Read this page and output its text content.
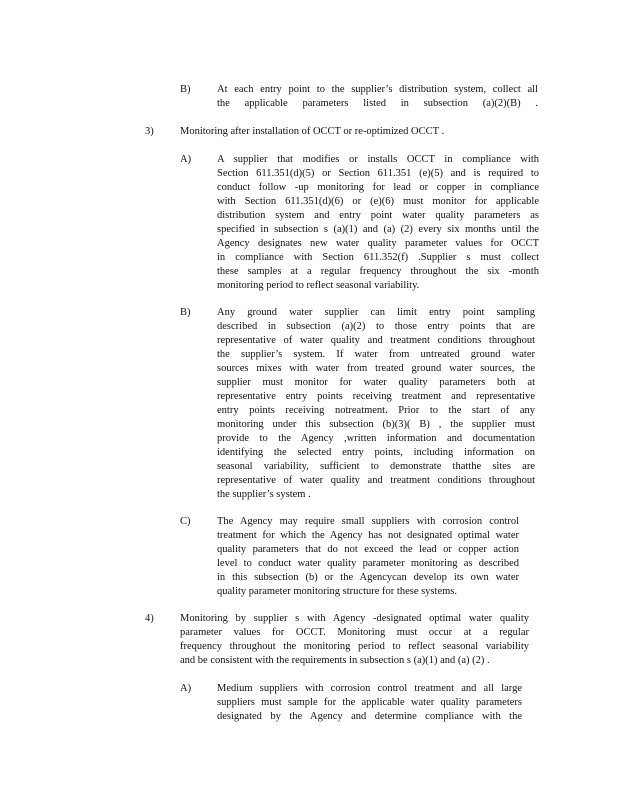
B)	At each entry point to the supplier’s distribution system, collect all
the applicable parameters listed in subsection (a)(2)(B) .
3)	Monitoring after installation of OCCT or re-optimized OCCT .
A) A supplier that modifies or installs OCCT in compliance with
Section 611.351(d)(5) or Section 611.351 (e)(5) and is required to
conduct follow -up monitoring for lead or copper in compliance
with Section 611.351(d)(6) or (e)(6) must monitor for applicable
distribution system and entry point water quality parameters as
specified in subsection s (a)(1) and (a) (2) every six months until the
Agency designates new water quality parameter values for OCCT
in compliance with Section 611.352(f) .Supplier s must collect
these samples at a regular frequency throughout the six -month
monitoring period to reflect seasonal variability.
B)	Any ground water supplier can limit entry point sampling
described in subsection (a)(2) to those entry points that are
representative of water quality and treatment conditions throughout
the supplier’s system. If water from untreated ground water
sources mixes with water from treated ground water sources, the
supplier must monitor for water quality parameters both at
representative entry points receiving treatment and representative
entry points receiving notreatment. Prior to the start of any
monitoring under this subsection (b)(3)( B) , the supplier must
provide to the Agency ,written information and documentation
identifying the selected entry points, including information on
seasonal variability, sufficient to demonstrate thatthe sites are
representative of water quality and treatment conditions throughout
the supplier’s system .
C)	The Agency may require small suppliers with corrosion control
treatment for which the Agency has not designated optimal water
quality parameters that do not exceed the lead or copper action
level to conduct water quality parameter monitoring as described
in this subsection (b) or the Agencycan develop its own water
quality parameter monitoring structure for these systems.
4)	Monitoring by supplier s with Agency -designated optimal water quality
parameter values for OCCT. Monitoring must occur at a regular
frequency throughout the monitoring period to reflect seasonal variability
and be consistent with the requirements in subsection s (a)(1) and (a) (2) .
A) Medium suppliers with corrosion control treatment and all large
suppliers must sample for the applicable water quality parameters
designated by the Agency and determine compliance with the
